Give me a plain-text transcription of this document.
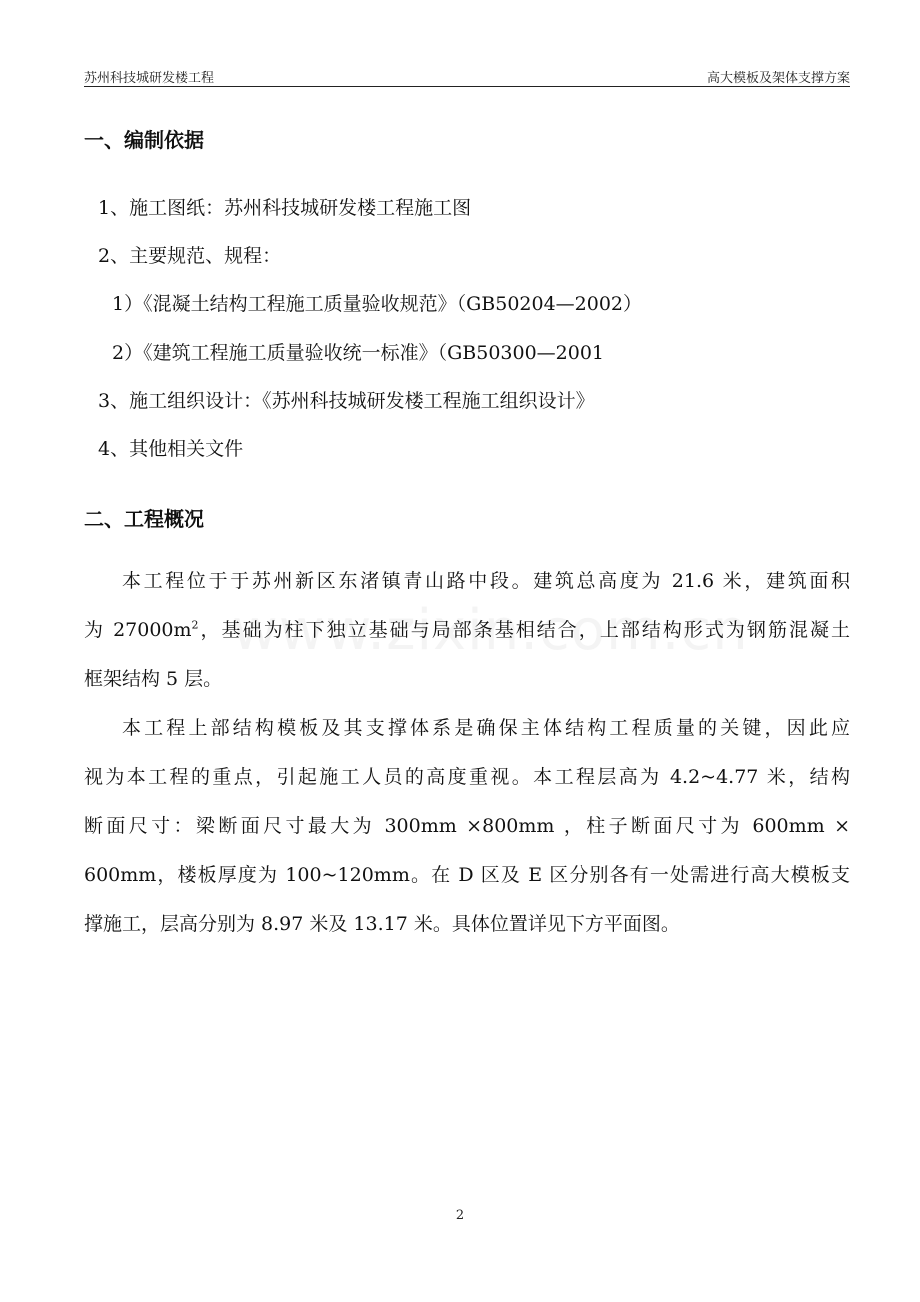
苏州科技城研发楼工程	高大模板及架体支撑方案
一、编制依据
1、施工图纸：苏州科技城研发楼工程施工图
2、主要规范、规程：
1）《混凝土结构工程施工质量验收规范》（GB50204—2002）
2）《建筑工程施工质量验收统一标准》（GB50300—2001
3、施工组织设计：《苏州科技城研发楼工程施工组织设计》
4、其他相关文件
二、工程概况
本工程位于于苏州新区东渚镇青山路中段。建筑总高度为 21.6 米，建筑面积
为 $27000m^2$，基础为柱下独立基础与局部条基相结合，上部结构形式为钢筋混凝土
框架结构 5 层。
本工程上部结构模板及其支撑体系是确保主体结构工程质量的关键，因此应
视为本工程的重点，引起施工人员的高度重视。本工程层高为 4.2~4.77 米，结构
断面尺寸：梁断面尺寸最大为 300mm ×800mm ，柱子断面尺寸为 600mm ×
600mm，楼板厚度为 100~120mm。在 D 区及 E 区分别各有一处需进行高大模板支
撑施工，层高分别为 8.97 米及 13.17 米。具体位置详见下方平面图。
2
